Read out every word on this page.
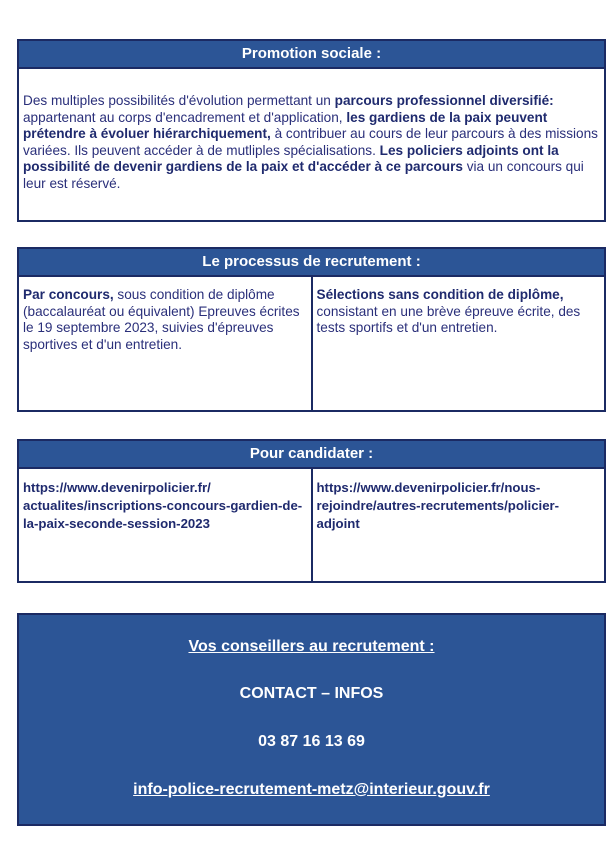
Promotion sociale :
Des multiples possibilités d'évolution permettant un parcours professionnel diversifié: appartenant au corps d'encadrement et d'application, les gardiens de la paix peuvent prétendre à évoluer hiérarchiquement, à contribuer au cours de leur parcours à des missions variées. Ils peuvent accéder à de mutliples spécialisations. Les policiers adjoints ont la possibilité de devenir gardiens de la paix et d'accéder à ce parcours via un concours qui leur est réservé.
Le processus de recrutement :
Par concours, sous condition de diplôme (baccalauréat ou équivalent) Epreuves écrites le 19 septembre 2023, suivies d'épreuves sportives et d'un entretien.
Sélections sans condition de diplôme, consistant en une brève épreuve écrite, des tests sportifs et d'un entretien.
Pour candidater :
https://www.devenirpolicier.fr/ actualites/inscriptions-concours-gardien-de-la-paix-seconde-session-2023
https://www.devenirpolicier.fr/nous-rejoindre/autres-recrutements/policier-adjoint
Vos conseillers au recrutement :
CONTACT – INFOS
03 87 16 13 69
info-police-recrutement-metz@interieur.gouv.fr
